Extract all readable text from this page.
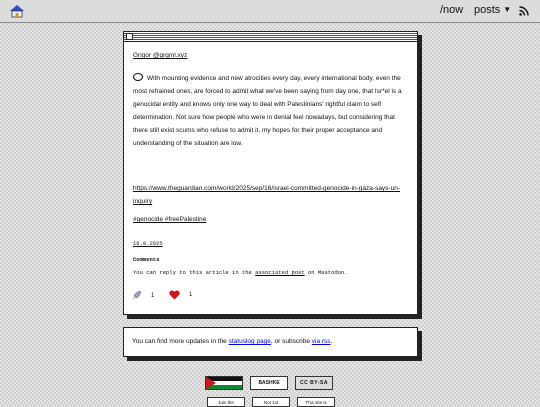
/now posts ▼
Grigor @grgml.xyz

With mounting evidence and new atrocities every day, every international body, even the most refrained ones, are forced to admit what we've been saying from day one, that Isr*el is a genocidal entity and knows only one way to deal with Palestinians' rightful claim to self determination. Not sure how people who were in denial feel nowadays, but considering that there still exist scums who refuse to admit it, my hopes for their proper acceptance and understanding of the situation are low.

https://www.theguardian.com/world/2025/sep/16/israel-committed-genocide-in-gaza-says-un-inquiry
#genocide #freePalestine
16.9.2025
Comments
You can reply to this article in the associated post on Mastodon.
1	1
You can find more updates in the statuslog page, or subscribe via rss.
BASHKE	CC BY-SA
Join the	Not 1st	This site is
